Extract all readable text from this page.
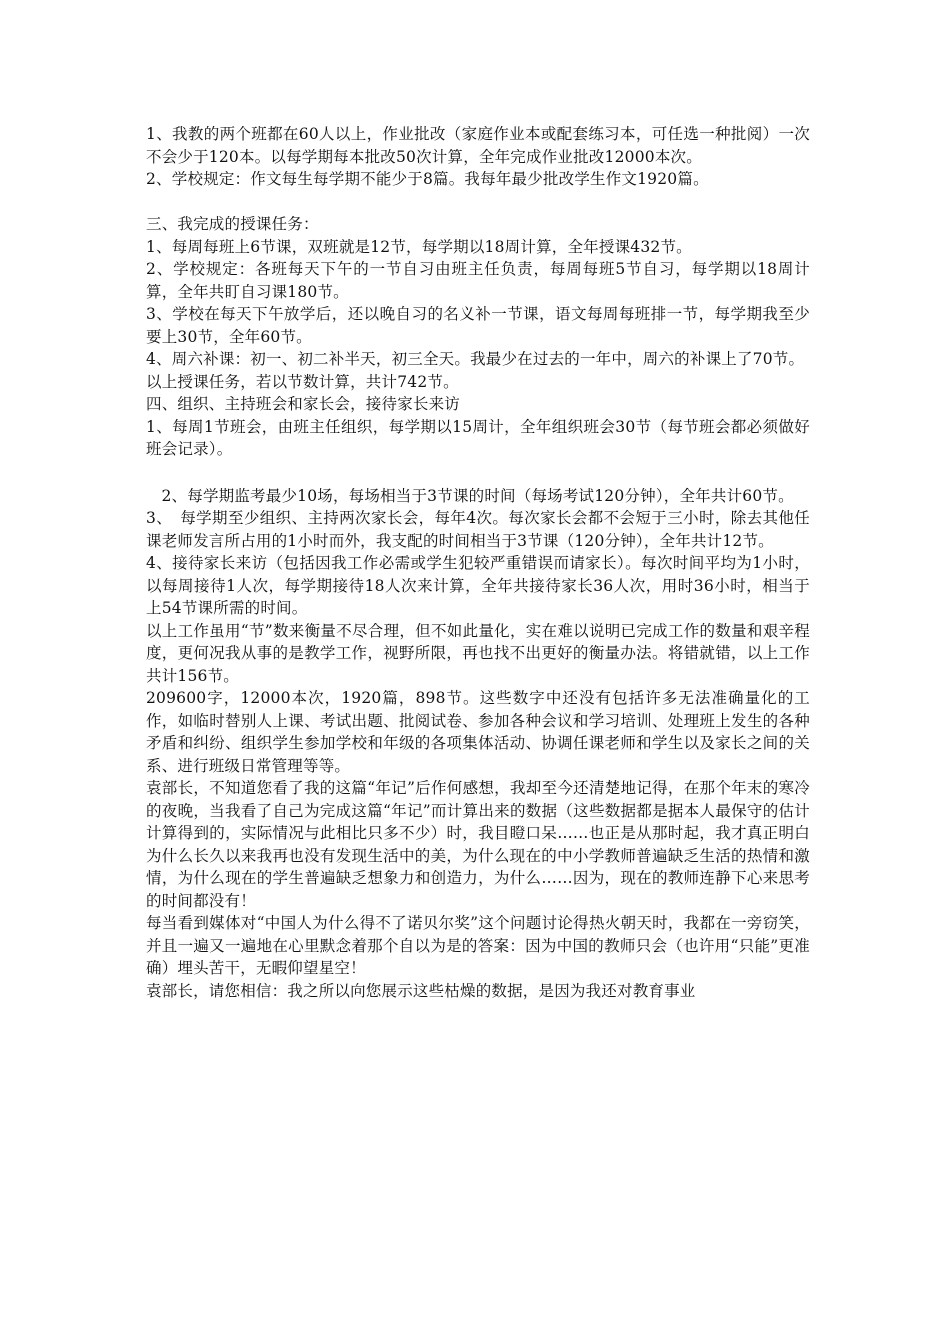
1、我教的两个班都在60人以上，作业批改（家庭作业本或配套练习本，可任选一种批阅）一次不会少于120本。以每学期每本批改50次计算，全年完成作业批改12000本次。

2、学校规定：作文每生每学期不能少于8篇。我每年最少批改学生作文1920篇。

三、我完成的授课任务：

1、每周每班上6节课，双班就是12节，每学期以18周计算，全年授课432节。

2、学校规定：各班每天下午的一节自习由班主任负责，每周每班5节自习，每学期以18周计算，全年共盯自习课180节。

3、学校在每天下午放学后，还以晚自习的名义补一节课，语文每周每班排一节，每学期我至少要上30节，全年60节。

4、周六补课：初一、初二补半天，初三全天。我最少在过去的一年中，周六的补课上了70节。

以上授课任务，若以节数计算，共计742节。

四、组织、主持班会和家长会，接待家长来访

1、每周1节班会，由班主任组织，每学期以15周计，全年组织班会30节（每节班会都必须做好班会记录）。

2、每学期监考最少10场，每场相当于3节课的时间（每场考试120分钟），全年共计60节。

3、　每学期至少组织、主持两次家长会，每年4次。每次家长会都不会短于三小时，除去其他任课老师发言所占用的1小时而外，我支配的时间相当于3节课（120分钟），全年共计12节。

4、接待家长来访（包括因我工作必需或学生犯较严重错误而请家长）。每次时间平均为1小时，以每周接待1人次，每学期接待18人次来计算，全年共接待家长36人次，用时36小时，相当于上54节课所需的时间。

以上工作虽用“节”数来衡量不尽合理，但不如此量化，实在难以说明已完成工作的数量和艰辛程度，更何况我从事的是教学工作，视野所限，再也找不出更好的衡量办法。将错就错，以上工作共计156节。

209600字，12000本次，1920篇，898节。这些数字中还没有包括许多无法准确量化的工作，如临时替别人上课、考试出题、批阅试卷、参加各种会议和学习培训、处理班上发生的各种矛盾和纠纷、组织学生参加学校和年级的各项集体活动、协调任课老师和学生以及家长之间的关系、进行班级日常管理等等。

袁部长，不知道您看了我的这篇“年记”后作何感想，我却至今还清楚地记得，在那个年末的寒冷的夜晚，当我看了自己为完成这篇“年记”而计算出来的数据（这些数据都是据本人最保守的估计计算得到的，实际情况与此相比只多不少）时，我目瞪口呆……也正是从那时起，我才真正明白为什么长久以来我再也没有发现生活中的美，为什么现在的中小学教师普遍缺乏生活的热情和激情，为什么现在的学生普遍缺乏想象力和创造力，为什么……因为，现在的教师连静下心来思考的时间都没有！

每当看到媒体对“中国人为什么得不了诺贝尔奖”这个问题讨论得热火朝天时，我都在一旁窃笑，并且一遍又一遍地在心里默念着那个自以为是的答案：因为中国的教师只会（也许用“只能”更准确）埋头苦干，无暇仰望星空！

袁部长，请您相信：我之所以向您展示这些枯燥的数据，是因为我还对教育事业
